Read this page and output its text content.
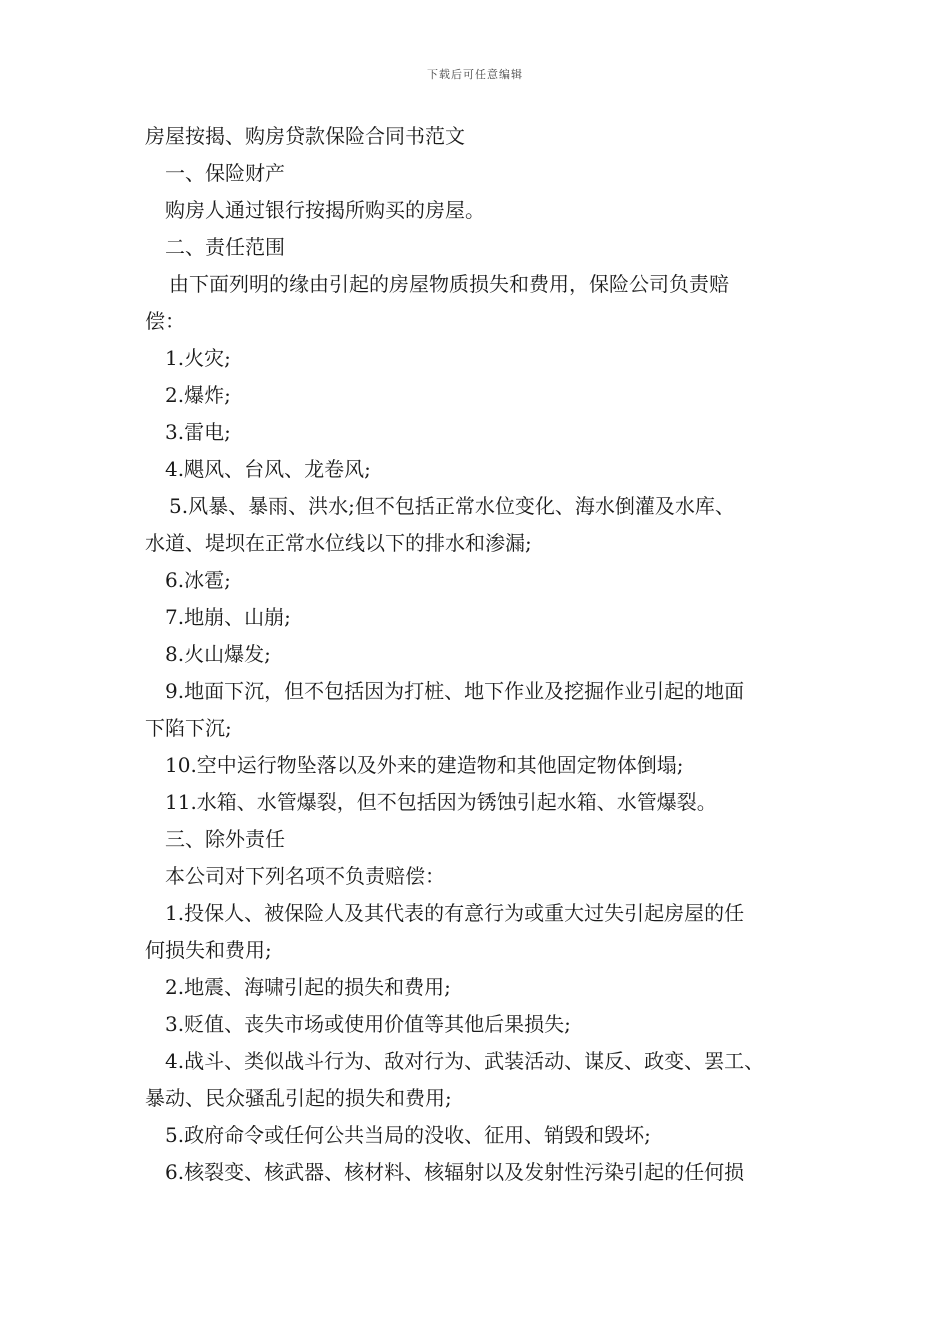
下载后可任意编辑
房屋按揭、购房贷款保险合同书范文
一、保险财产
购房人通过银行按揭所购买的房屋。
二、责任范围
由下面列明的缘由引起的房屋物质损失和费用，保险公司负责赔
偿：
1.火灾;
2.爆炸;
3.雷电;
4.飓风、台风、龙卷风;
5.风暴、暴雨、洪水;但不包括正常水位变化、海水倒灌及水库、
水道、堤坝在正常水位线以下的排水和渗漏;
6.冰雹;
7.地崩、山崩;
8.火山爆发;
9.地面下沉，但不包括因为打桩、地下作业及挖掘作业引起的地面
下陷下沉;
10.空中运行物坠落以及外来的建造物和其他固定物体倒塌;
11.水箱、水管爆裂，但不包括因为锈蚀引起水箱、水管爆裂。
三、除外责任
本公司对下列名项不负责赔偿：
1.投保人、被保险人及其代表的有意行为或重大过失引起房屋的任
何损失和费用;
2.地震、海啸引起的损失和费用;
3.贬值、丧失市场或使用价值等其他后果损失;
4.战斗、类似战斗行为、敌对行为、武装活动、谋反、政变、罢工、
暴动、民众骚乱引起的损失和费用;
5.政府命令或任何公共当局的没收、征用、销毁和毁坏;
6.核裂变、核武器、核材料、核辐射以及发射性污染引起的任何损
